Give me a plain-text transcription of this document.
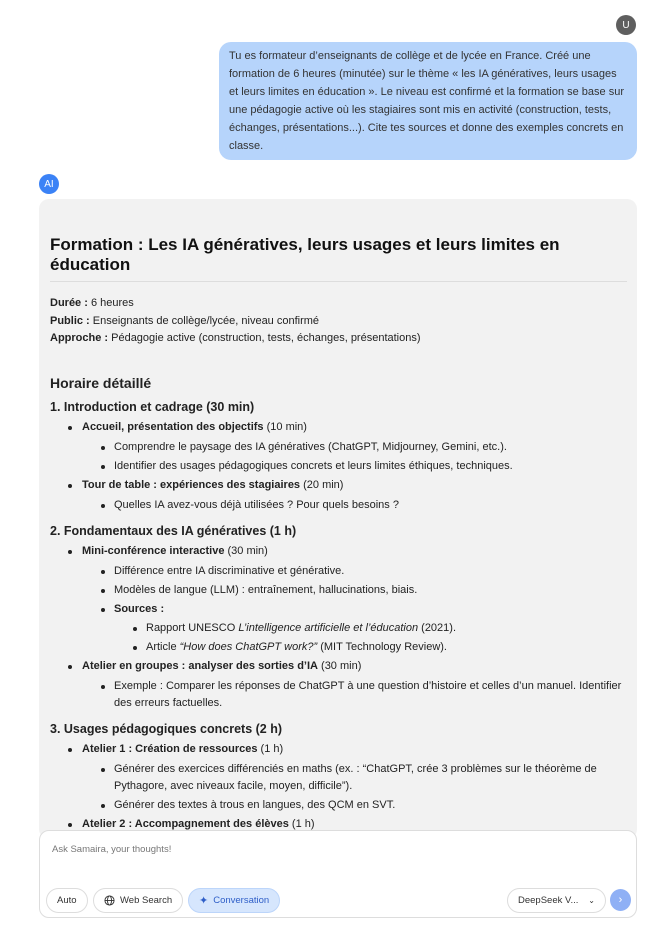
U
Tu es formateur d’enseignants de collège et de lycée en France. Créé une formation de 6 heures (minutée) sur le thème « les IA génératives, leurs usages et leurs limites en éducation ». Le niveau est confirmé et la formation se base sur une pédagogie active où les stagiaires sont mis en activité (construction, tests, échanges, présentations...). Cite tes sources et donne des exemples concrets en classe.
AI
Formation : Les IA génératives, leurs usages et leurs limites en éducation
Durée : 6 heures
Public : Enseignants de collège/lycée, niveau confirmé
Approche : Pédagogie active (construction, tests, échanges, présentations)
Horaire détaillé
1. Introduction et cadrage (30 min)
Accueil, présentation des objectifs (10 min)
Comprendre le paysage des IA génératives (ChatGPT, Midjourney, Gemini, etc.).
Identifier des usages pédagogiques concrets et leurs limites éthiques, techniques.
Tour de table : expériences des stagiaires (20 min)
Quelles IA avez-vous déjà utilisées ? Pour quels besoins ?
2. Fondamentaux des IA génératives (1 h)
Mini-conférence interactive (30 min)
Différence entre IA discriminative et générative.
Modèles de langue (LLM) : entraînement, hallucinations, biais.
Sources :
Rapport UNESCO L’intelligence artificielle et l’éducation (2021).
Article “How does ChatGPT work?” (MIT Technology Review).
Atelier en groupes : analyser des sorties d’IA (30 min)
Exemple : Comparer les réponses de ChatGPT à une question d’histoire et celles d’un manuel. Identifier des erreurs factuelles.
3. Usages pédagogiques concrets (2 h)
Atelier 1 : Création de ressources (1 h)
Générer des exercices différenciés en maths (ex. : “ChatGPT, crée 3 problèmes sur le théorème de Pythagore, avec niveaux facile, moyen, difficile”).
Générer des textes à trous en langues, des QCM en SVT.
Atelier 2 : Accompagnement des élèves (1 h)
Ask Samaira, your thoughts!
Auto	Web Search ✦ Conversation	DeepSeek V... ⌄ ›
